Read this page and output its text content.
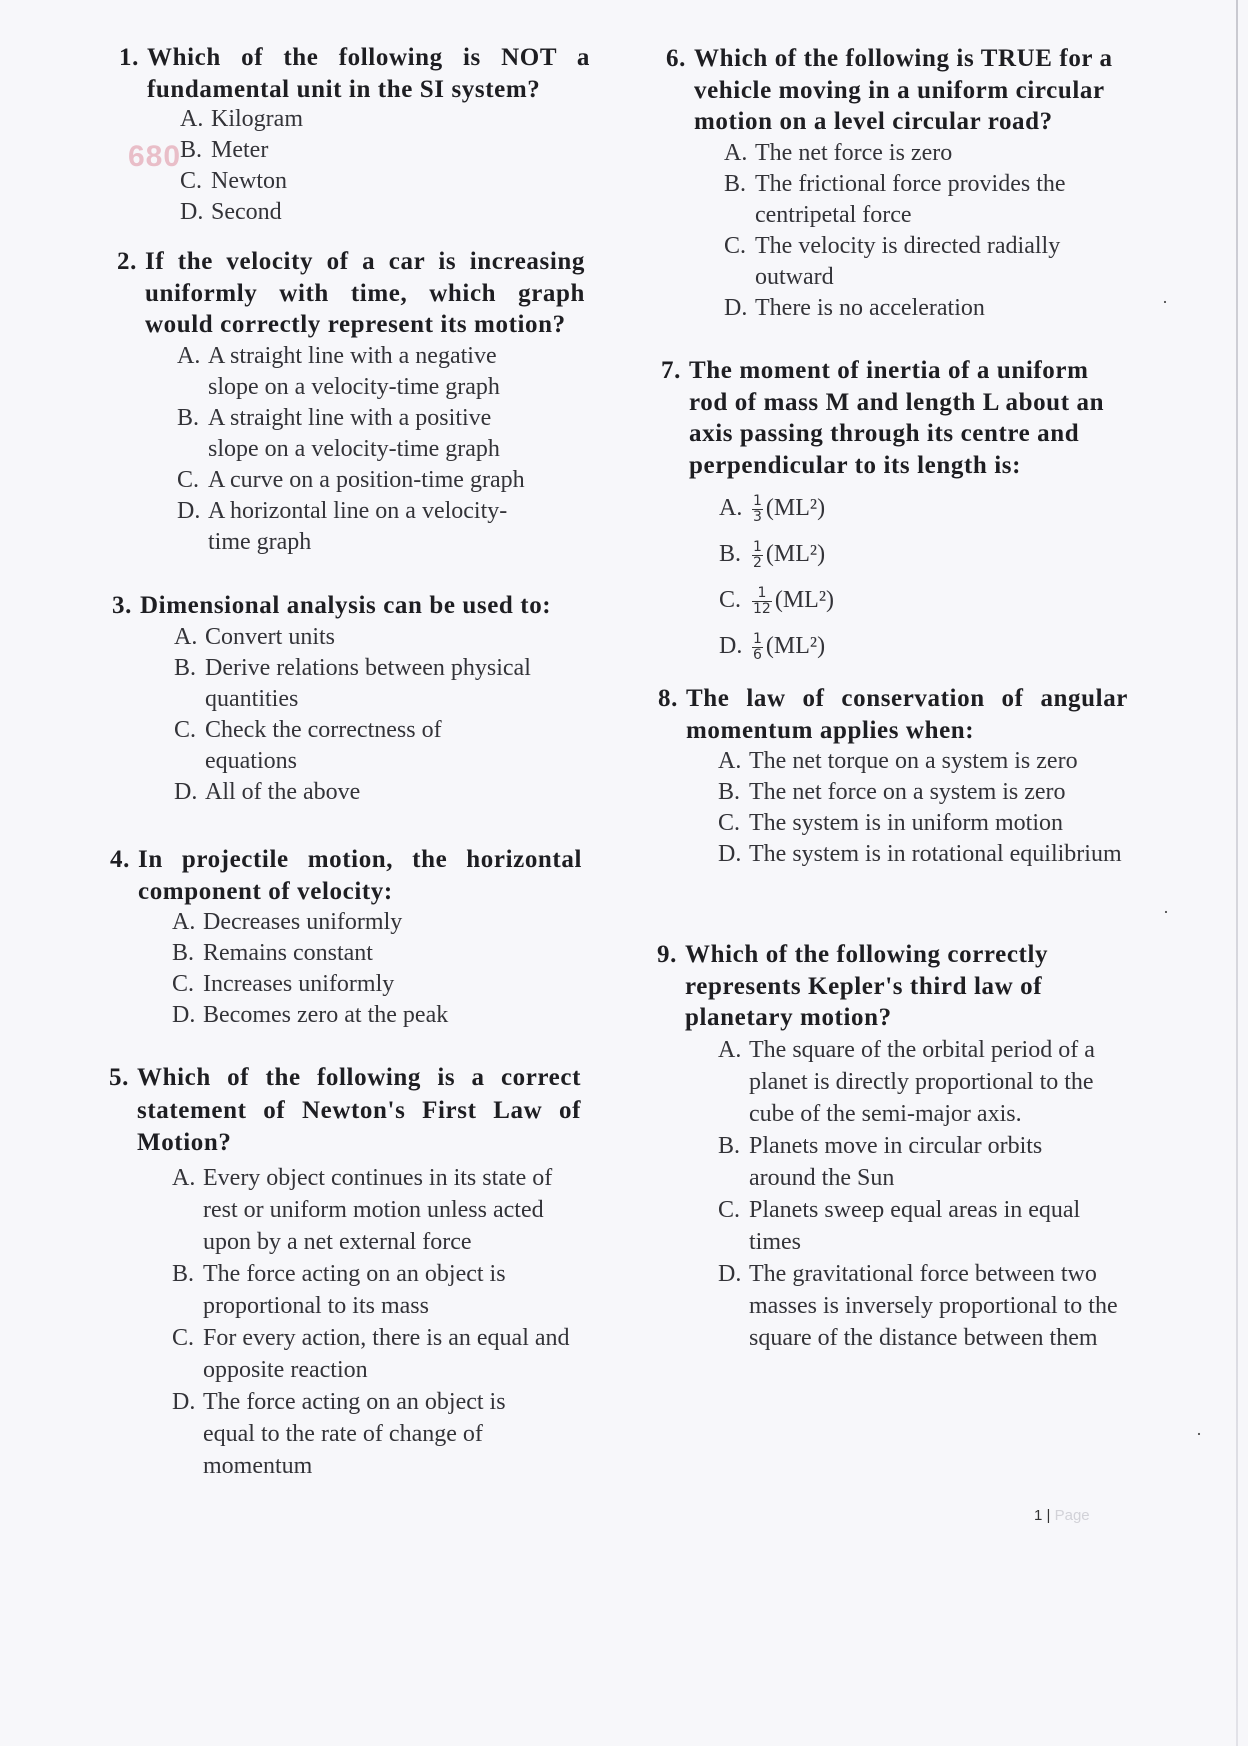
680
1. Which of the following is NOT a fundamental unit in the SI system?
A. Kilogram
B. Meter
C. Newton
D. Second
2. If the velocity of a car is increasing uniformly with time, which graph would correctly represent its motion?
A. A straight line with a negative slope on a velocity-time graph
B. A straight line with a positive slope on a velocity-time graph
C. A curve on a position-time graph
D. A horizontal line on a velocity-time graph
3. Dimensional analysis can be used to:
A. Convert units
B. Derive relations between physical quantities
C. Check the correctness of equations
D. All of the above
4. In projectile motion, the horizontal component of velocity:
A. Decreases uniformly
B. Remains constant
C. Increases uniformly
D. Becomes zero at the peak
5. Which of the following is a correct statement of Newton's First Law of Motion?
A. Every object continues in its state of rest or uniform motion unless acted upon by a net external force
B. The force acting on an object is proportional to its mass
C. For every action, there is an equal and opposite reaction
D. The force acting on an object is equal to the rate of change of momentum
6. Which of the following is TRUE for a vehicle moving in a uniform circular motion on a level circular road?
A. The net force is zero
B. The frictional force provides the centripetal force
C. The velocity is directed radially outward
D. There is no acceleration
7. The moment of inertia of a uniform rod of mass M and length L about an axis passing through its centre and perpendicular to its length is:
A. $\frac{1}{3} (ML^2)$
B. $\frac{1}{2} (ML^2)$
C. $\frac{1}{12} (ML^2)$
D. $\frac{1}{6} (ML^2)$
8. The law of conservation of angular momentum applies when:
A. The net torque on a system is zero
B. The net force on a system is zero
C. The system is in uniform motion
D. The system is in rotational equilibrium
9. Which of the following correctly represents Kepler's third law of planetary motion?
A. The square of the orbital period of a planet is directly proportional to the cube of the semi-major axis.
B. Planets move in circular orbits around the Sun
C. Planets sweep equal areas in equal times
D. The gravitational force between two masses is inversely proportional to the square of the distance between them
1 | Page
·
·
·
